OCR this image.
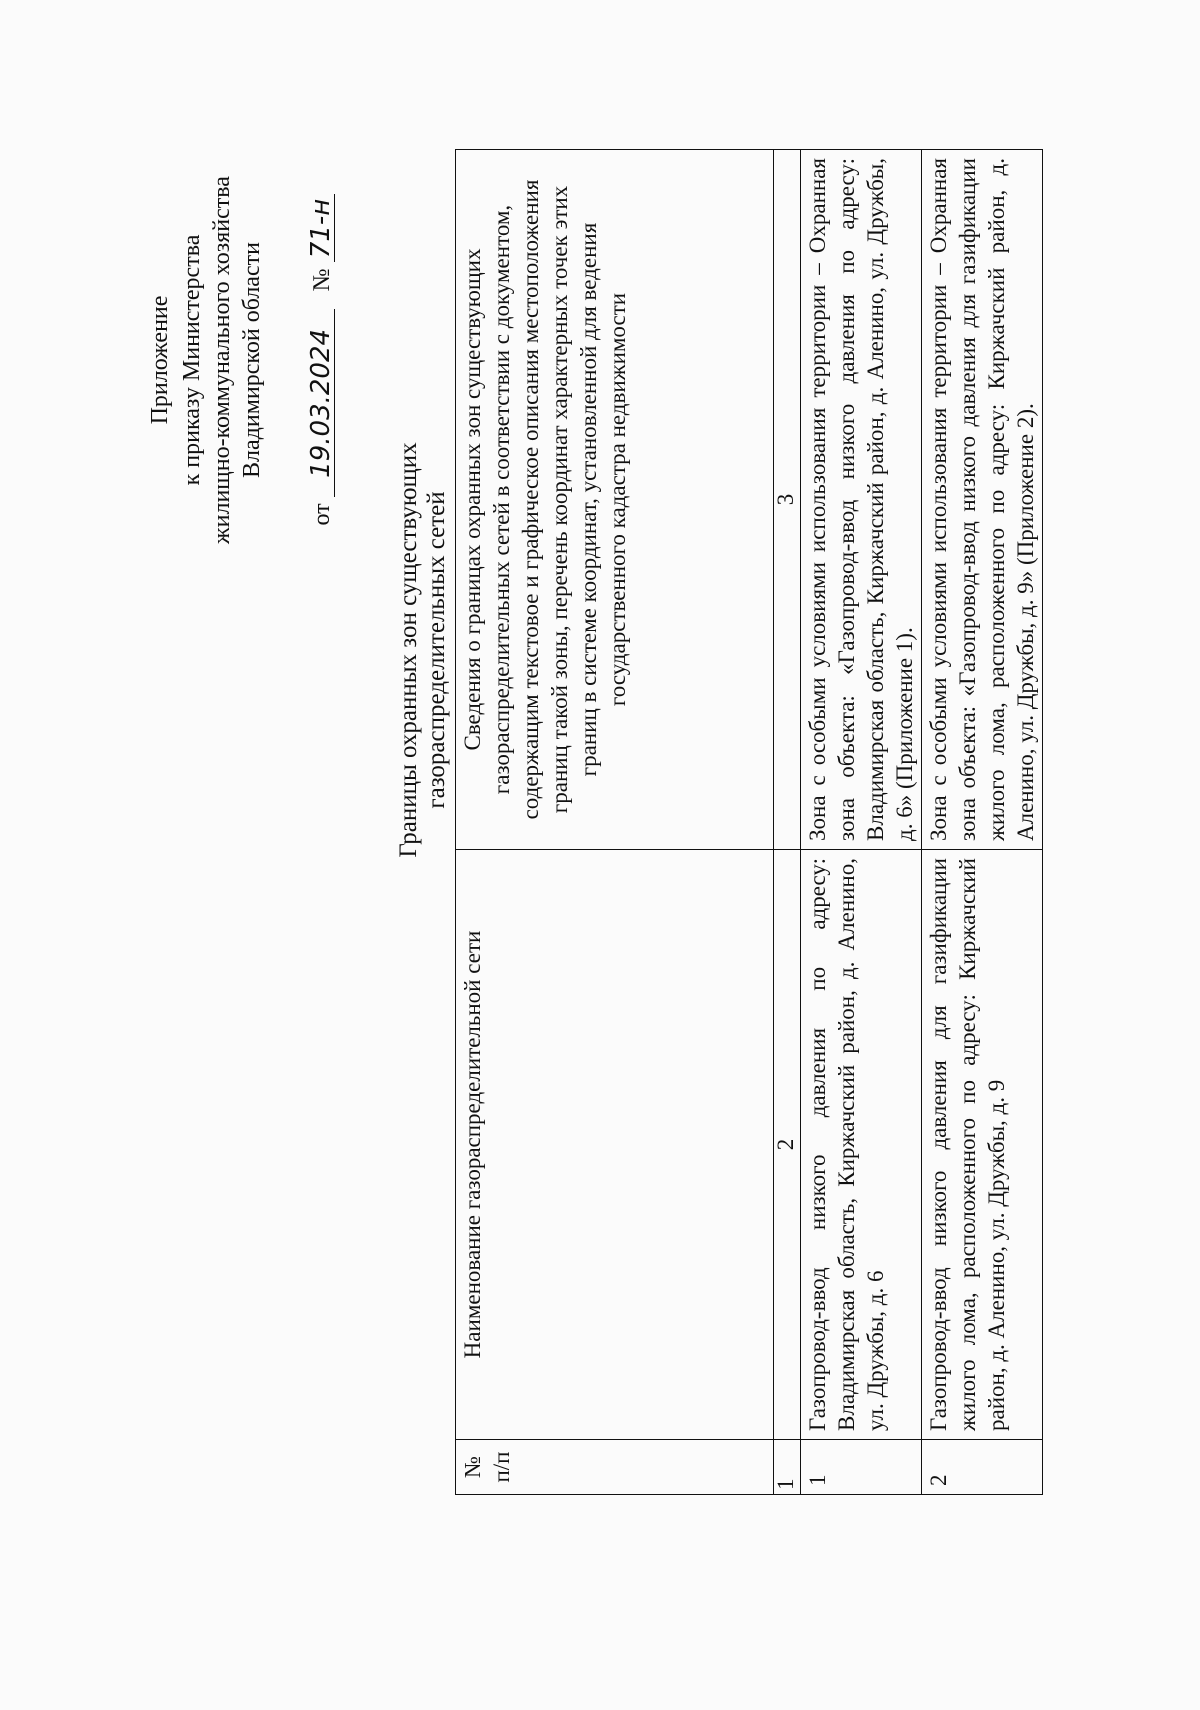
Приложение к приказу Министерства жилищно-коммунального хозяйства Владимирской области
от 19.03.2024   № 71-н
Границы охранных зон существующих газораспределительных сетей
№ п/п	Наименование газораспределительной сети	Сведения о границах охранных зон существующих газораспределительных сетей в соответствии с документом, содержащим текстовое и графическое описания местоположения границ такой зоны, перечень координат характерных точек этих границ в системе координат, установленной для ведения государственного кадастра недвижимости
1	2	3
1	Газопровод-ввод низкого давления по адресу: Владимирская область, Киржачский район, д. Аленино, ул. Дружбы, д. 6	Зона с особыми условиями использования территории – Охранная зона объекта: «Газопровод-ввод низкого давления по адресу: Владимирская область, Киржачский район, д. Аленино, ул. Дружбы, д. 6» (Приложение 1).
2	Газопровод-ввод низкого давления для газификации жилого лома, расположенного по адресу: Киржачский район, д. Аленино, ул. Дружбы, д. 9	Зона с особыми условиями использования территории – Охранная зона объекта: «Газопровод-ввод низкого давления для газификации жилого лома, расположенного по адресу: Киржачский район, д. Аленино, ул. Дружбы, д. 9» (Приложение 2).
